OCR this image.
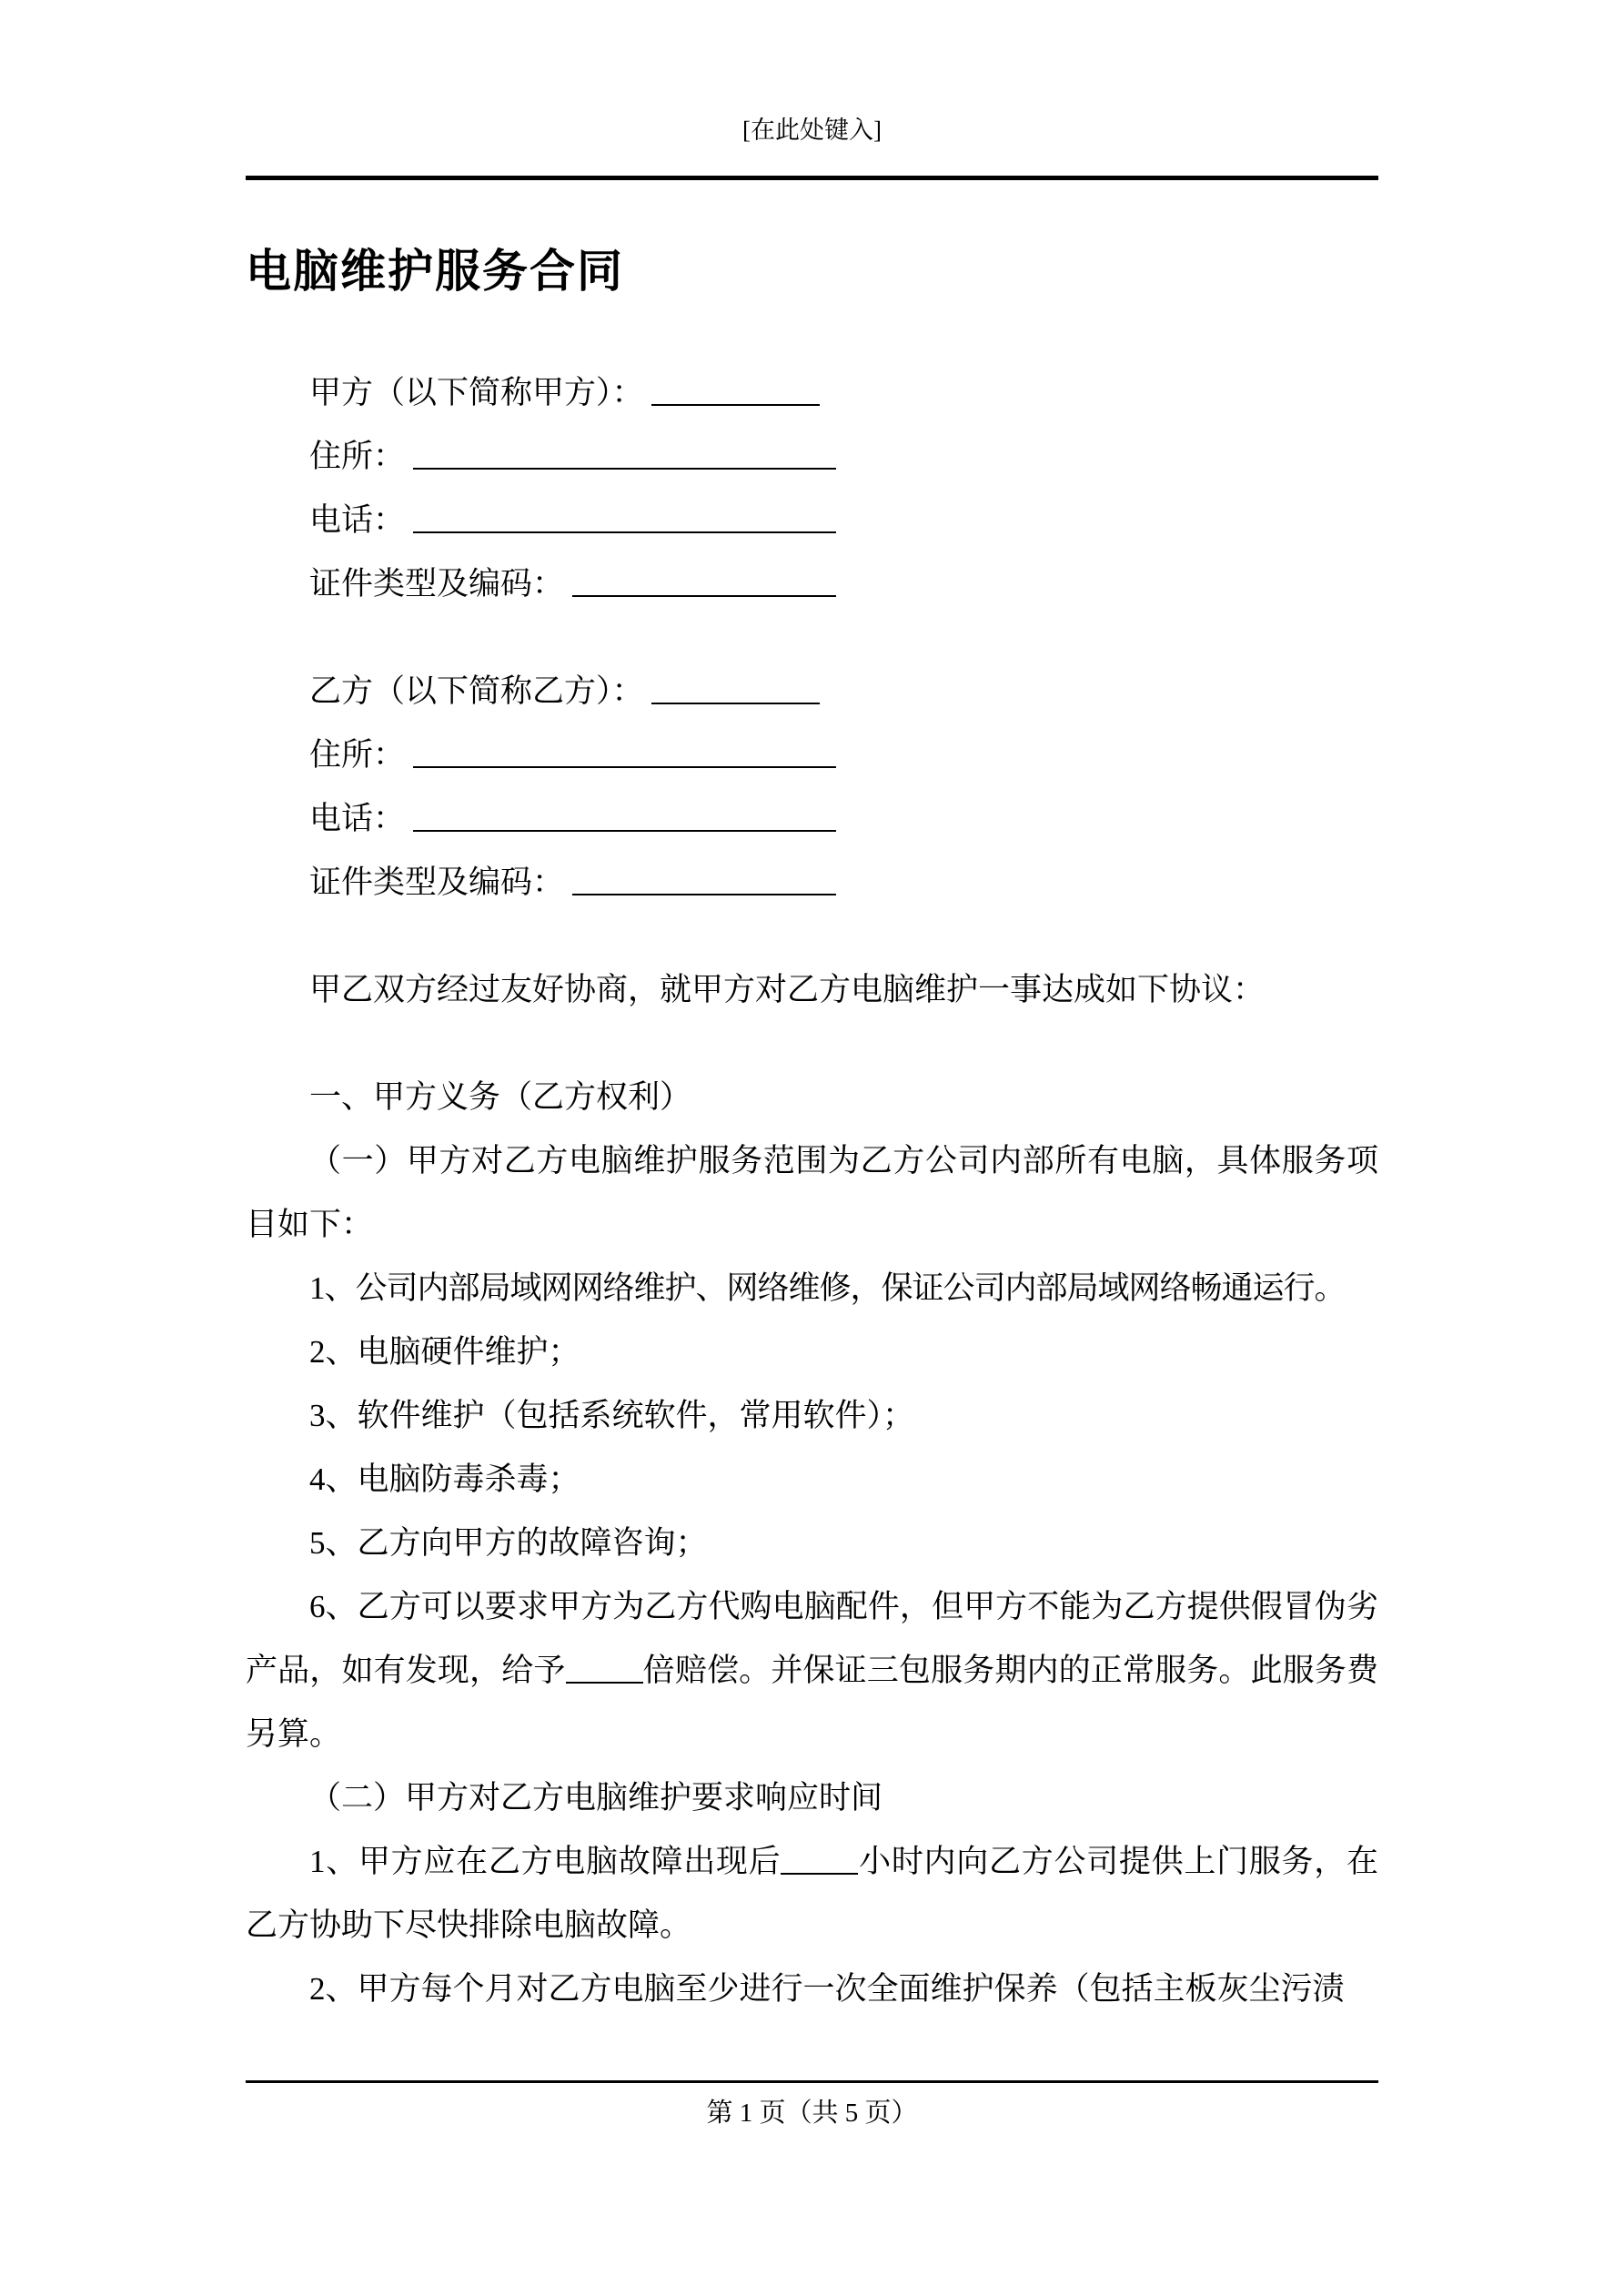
[在此处键入]
电脑维护服务合同

甲方（以下简称甲方）：

住所：

电话：

证件类型及编码：

乙方（以下简称乙方）：

住所：

电话：

证件类型及编码：

甲乙双方经过友好协商，就甲方对乙方电脑维护一事达成如下协议：

一、甲方义务（乙方权利）

（一）甲方对乙方电脑维护服务范围为乙方公司内部所有电脑，具体服务项目如下：

1、公司内部局域网网络维护、网络维修，保证公司内部局域网络畅通运行。

2、电脑硬件维护；

3、软件维护（包括系统软件，常用软件）；

4、电脑防毒杀毒；

5、乙方向甲方的故障咨询；

6、乙方可以要求甲方为乙方代购电脑配件，但甲方不能为乙方提供假冒伪劣产品，如有发现，给予 倍赔偿。并保证三包服务期内的正常服务。此服务费另算。

（二）甲方对乙方电脑维护要求响应时间

1、甲方应在乙方电脑故障出现后 小时内向乙方公司提供上门服务，在乙方协助下尽快排除电脑故障。

2、甲方每个月对乙方电脑至少进行一次全面维护保养（包括主板灰尘污渍

第 1 页（共 5 页）
